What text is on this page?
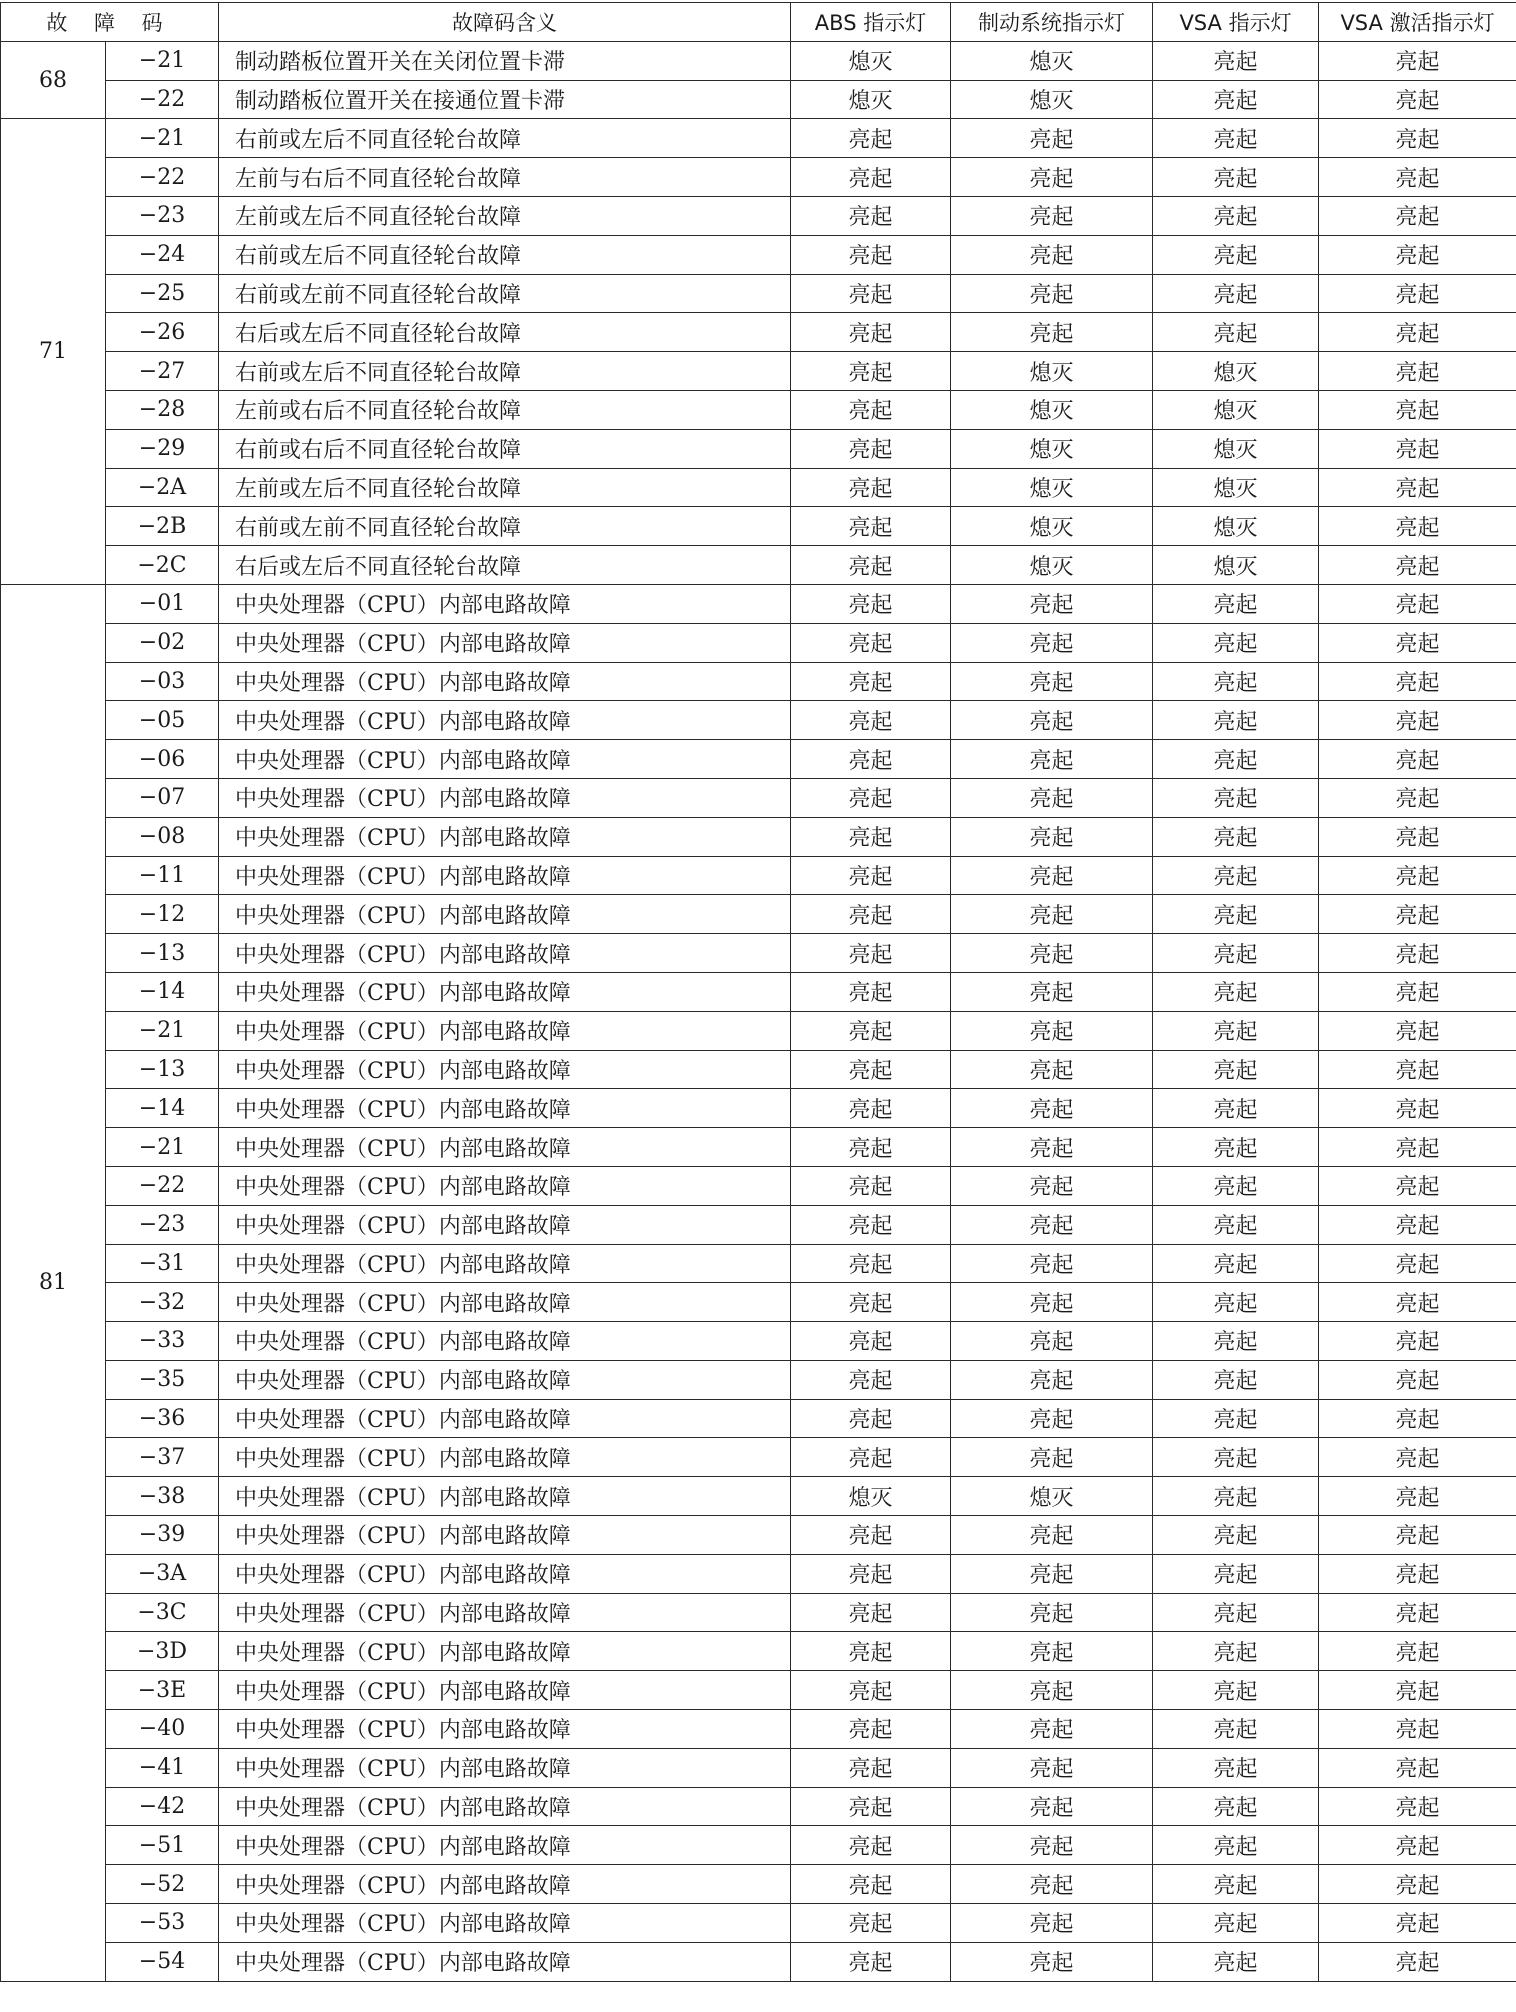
故 障 码		故障码含义	ABS 指示灯	制动系统指示灯	VSA 指示灯	VSA 激活指示灯
68	−21	制动踏板位置开关在关闭位置卡滞	熄灭	熄灭	亮起	亮起
	−22	制动踏板位置开关在接通位置卡滞	熄灭	熄灭	亮起	亮起
71	−21	右前或左后不同直径轮台故障	亮起	亮起	亮起	亮起
	−22	左前与右后不同直径轮台故障	亮起	亮起	亮起	亮起
	−23	左前或左后不同直径轮台故障	亮起	亮起	亮起	亮起
	−24	右前或左后不同直径轮台故障	亮起	亮起	亮起	亮起
	−25	右前或左前不同直径轮台故障	亮起	亮起	亮起	亮起
	−26	右后或左后不同直径轮台故障	亮起	亮起	亮起	亮起
	−27	右前或左后不同直径轮台故障	亮起	熄灭	熄灭	亮起
	−28	左前或右后不同直径轮台故障	亮起	熄灭	熄灭	亮起
	−29	右前或右后不同直径轮台故障	亮起	熄灭	熄灭	亮起
	−2A	左前或左后不同直径轮台故障	亮起	熄灭	熄灭	亮起
	−2B	右前或左前不同直径轮台故障	亮起	熄灭	熄灭	亮起
	−2C	右后或左后不同直径轮台故障	亮起	熄灭	熄灭	亮起
81	−01	中央处理器（CPU）内部电路故障	亮起	亮起	亮起	亮起
	−02	中央处理器（CPU）内部电路故障	亮起	亮起	亮起	亮起
	−03	中央处理器（CPU）内部电路故障	亮起	亮起	亮起	亮起
	−05	中央处理器（CPU）内部电路故障	亮起	亮起	亮起	亮起
	−06	中央处理器（CPU）内部电路故障	亮起	亮起	亮起	亮起
	−07	中央处理器（CPU）内部电路故障	亮起	亮起	亮起	亮起
	−08	中央处理器（CPU）内部电路故障	亮起	亮起	亮起	亮起
	−11	中央处理器（CPU）内部电路故障	亮起	亮起	亮起	亮起
	−12	中央处理器（CPU）内部电路故障	亮起	亮起	亮起	亮起
	−13	中央处理器（CPU）内部电路故障	亮起	亮起	亮起	亮起
	−14	中央处理器（CPU）内部电路故障	亮起	亮起	亮起	亮起
	−21	中央处理器（CPU）内部电路故障	亮起	亮起	亮起	亮起
	−13	中央处理器（CPU）内部电路故障	亮起	亮起	亮起	亮起
	−14	中央处理器（CPU）内部电路故障	亮起	亮起	亮起	亮起
	−21	中央处理器（CPU）内部电路故障	亮起	亮起	亮起	亮起
	−22	中央处理器（CPU）内部电路故障	亮起	亮起	亮起	亮起
	−23	中央处理器（CPU）内部电路故障	亮起	亮起	亮起	亮起
	−31	中央处理器（CPU）内部电路故障	亮起	亮起	亮起	亮起
	−32	中央处理器（CPU）内部电路故障	亮起	亮起	亮起	亮起
	−33	中央处理器（CPU）内部电路故障	亮起	亮起	亮起	亮起
	−35	中央处理器（CPU）内部电路故障	亮起	亮起	亮起	亮起
	−36	中央处理器（CPU）内部电路故障	亮起	亮起	亮起	亮起
	−37	中央处理器（CPU）内部电路故障	亮起	亮起	亮起	亮起
	−38	中央处理器（CPU）内部电路故障	熄灭	熄灭	亮起	亮起
	−39	中央处理器（CPU）内部电路故障	亮起	亮起	亮起	亮起
	−3A	中央处理器（CPU）内部电路故障	亮起	亮起	亮起	亮起
	−3C	中央处理器（CPU）内部电路故障	亮起	亮起	亮起	亮起
	−3D	中央处理器（CPU）内部电路故障	亮起	亮起	亮起	亮起
	−3E	中央处理器（CPU）内部电路故障	亮起	亮起	亮起	亮起
	−40	中央处理器（CPU）内部电路故障	亮起	亮起	亮起	亮起
	−41	中央处理器（CPU）内部电路故障	亮起	亮起	亮起	亮起
	−42	中央处理器（CPU）内部电路故障	亮起	亮起	亮起	亮起
	−51	中央处理器（CPU）内部电路故障	亮起	亮起	亮起	亮起
	−52	中央处理器（CPU）内部电路故障	亮起	亮起	亮起	亮起
	−53	中央处理器（CPU）内部电路故障	亮起	亮起	亮起	亮起
	−54	中央处理器（CPU）内部电路故障	亮起	亮起	亮起	亮起
